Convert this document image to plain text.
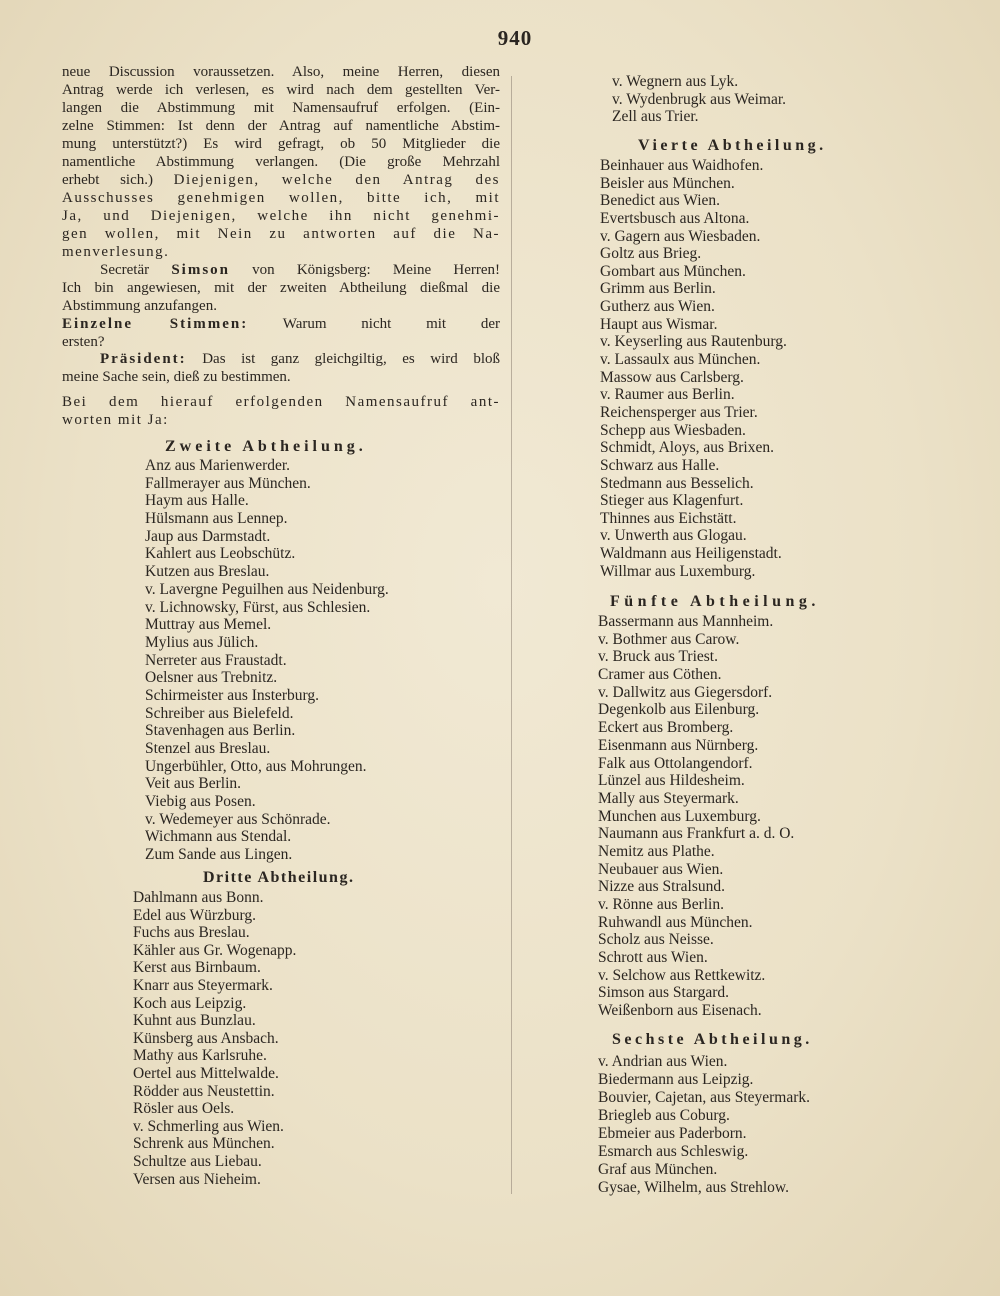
940
neue Discussion voraussetzen. Also, meine Herren, diesen
Antrag werde ich verlesen, es wird nach dem gestellten Ver-
langen die Abstimmung mit Namensaufruf erfolgen. (Ein-
zelne Stimmen: Ist denn der Antrag auf namentliche Abstim-
mung unterstützt?) Es wird gefragt, ob 50 Mitglieder die
namentliche Abstimmung verlangen. (Die große Mehrzahl
erhebt sich.) Diejenigen, welche den Antrag des
Ausschusses genehmigen wollen, bitte ich, mit
Ja, und Diejenigen, welche ihn nicht genehmi-
gen wollen, mit Nein zu antworten auf die Na-
menverlesung.
Secretär Simson von Königsberg: Meine Herren!
Ich bin angewiesen, mit der zweiten Abtheilung dießmal die
Abstimmung anzufangen.
Einzelne Stimmen: Warum nicht mit der
ersten?
Präsident: Das ist ganz gleichgiltig, es wird bloß
meine Sache sein, dieß zu bestimmen.
Bei dem hierauf erfolgenden Namensaufruf ant-
worten mit Ja:
Zweite Abtheilung.
Anz aus Marienwerder.
Fallmerayer aus München.
Haym aus Halle.
Hülsmann aus Lennep.
Jaup aus Darmstadt.
Kahlert aus Leobschütz.
Kutzen aus Breslau.
v. Lavergne Peguilhen aus Neidenburg.
v. Lichnowsky, Fürst, aus Schlesien.
Muttray aus Memel.
Mylius aus Jülich.
Nerreter aus Fraustadt.
Oelsner aus Trebnitz.
Schirmeister aus Insterburg.
Schreiber aus Bielefeld.
Stavenhagen aus Berlin.
Stenzel aus Breslau.
Ungerbühler, Otto, aus Mohrungen.
Veit aus Berlin.
Viebig aus Posen.
v. Wedemeyer aus Schönrade.
Wichmann aus Stendal.
Zum Sande aus Lingen.
Dritte Abtheilung.
Dahlmann aus Bonn.
Edel aus Würzburg.
Fuchs aus Breslau.
Kähler aus Gr. Wogenapp.
Kerst aus Birnbaum.
Knarr aus Steyermark.
Koch aus Leipzig.
Kuhnt aus Bunzlau.
Künsberg aus Ansbach.
Mathy aus Karlsruhe.
Oertel aus Mittelwalde.
Rödder aus Neustettin.
Rösler aus Oels.
v. Schmerling aus Wien.
Schrenk aus München.
Schultze aus Liebau.
Versen aus Nieheim.
v. Wegnern aus Lyk.
v. Wydenbrugk aus Weimar.
Zell aus Trier.
Vierte Abtheilung.
Beinhauer aus Waidhofen.
Beisler aus München.
Benedict aus Wien.
Evertsbusch aus Altona.
v. Gagern aus Wiesbaden.
Goltz aus Brieg.
Gombart aus München.
Grimm aus Berlin.
Gutherz aus Wien.
Haupt aus Wismar.
v. Keyserling aus Rautenburg.
v. Lassaulx aus München.
Massow aus Carlsberg.
v. Raumer aus Berlin.
Reichensperger aus Trier.
Schepp aus Wiesbaden.
Schmidt, Aloys, aus Brixen.
Schwarz aus Halle.
Stedmann aus Besselich.
Stieger aus Klagenfurt.
Thinnes aus Eichstätt.
v. Unwerth aus Glogau.
Waldmann aus Heiligenstadt.
Willmar aus Luxemburg.
Fünfte Abtheilung.
Bassermann aus Mannheim.
v. Bothmer aus Carow.
v. Bruck aus Triest.
Cramer aus Cöthen.
v. Dallwitz aus Giegersdorf.
Degenkolb aus Eilenburg.
Eckert aus Bromberg.
Eisenmann aus Nürnberg.
Falk aus Ottolangendorf.
Lünzel aus Hildesheim.
Mally aus Steyermark.
Munchen aus Luxemburg.
Naumann aus Frankfurt a. d. O.
Nemitz aus Plathe.
Neubauer aus Wien.
Nizze aus Stralsund.
v. Rönne aus Berlin.
Ruhwandl aus München.
Scholz aus Neisse.
Schrott aus Wien.
v. Selchow aus Rettkewitz.
Simson aus Stargard.
Weißenborn aus Eisenach.
Sechste Abtheilung.
v. Andrian aus Wien.
Biedermann aus Leipzig.
Bouvier, Cajetan, aus Steyermark.
Briegleb aus Coburg.
Ebmeier aus Paderborn.
Esmarch aus Schleswig.
Graf aus München.
Gysae, Wilhelm, aus Strehlow.
